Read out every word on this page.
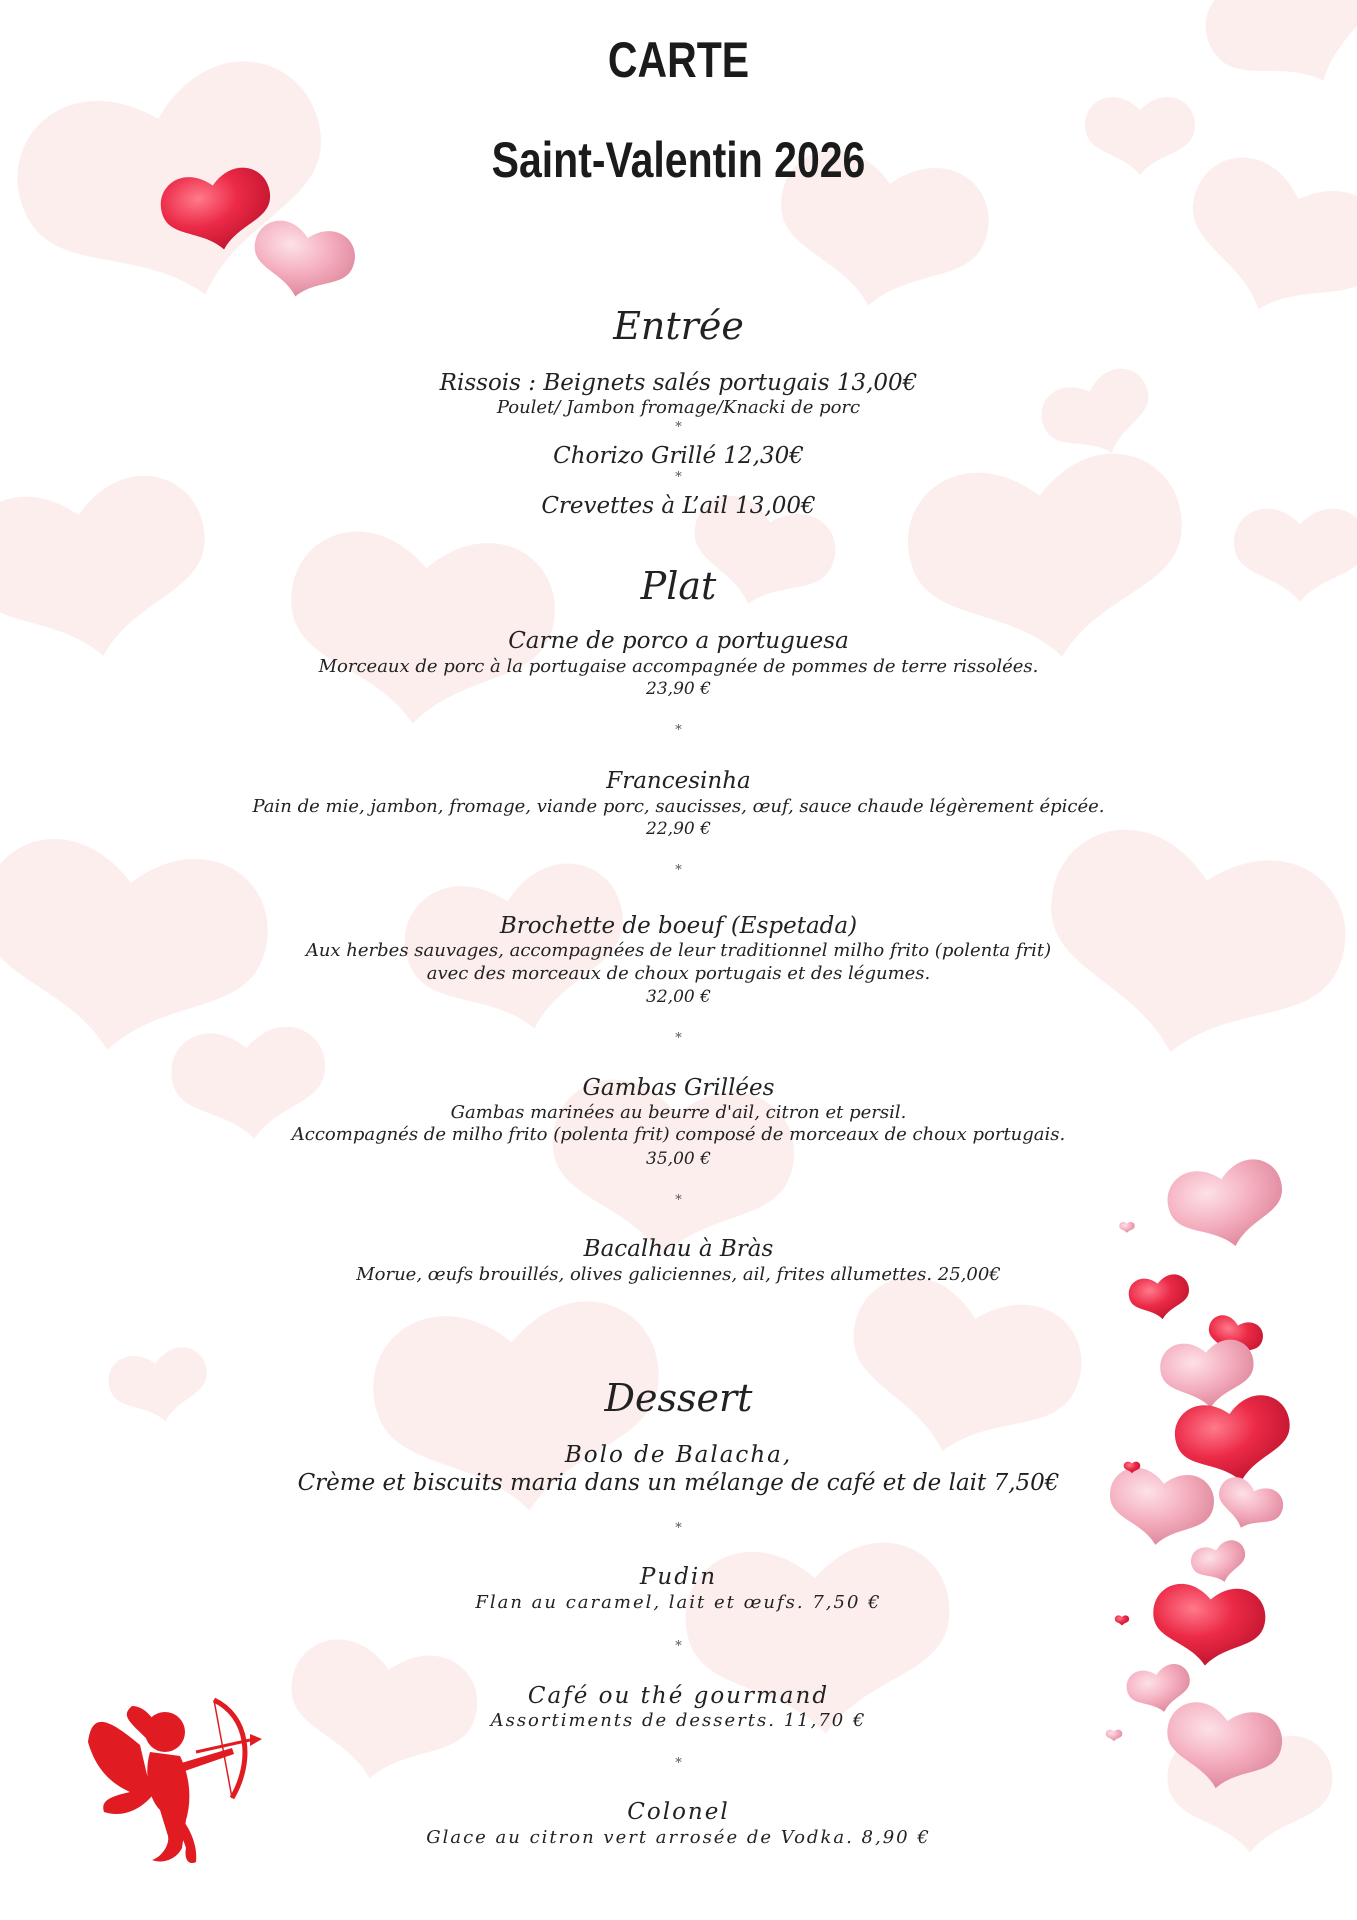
CARTE
Saint-Valentin 2026
Entrée
Rissois : Beignets salés portugais 13,00€
Poulet/ Jambon fromage/Knacki de porc
*
Chorizo Grillé 12,30€
*
Crevettes à L’ail 13,00€
Plat
Carne de porco a portuguesa
Morceaux de porc à la portugaise accompagnée de pommes de terre rissolées.
23,90 €
*
Francesinha
Pain de mie, jambon, fromage, viande porc, saucisses, œuf, sauce chaude légèrement épicée.
22,90 €
*
Brochette de boeuf (Espetada)
Aux herbes sauvages, accompagnées de leur traditionnel milho frito (polenta frit)
avec des morceaux de choux portugais et des légumes.
32,00 €
*
Gambas Grillées
Gambas marinées au beurre d'ail, citron et persil.
Accompagnés de milho frito (polenta frit) composé de morceaux de choux portugais.
35,00 €
*
Bacalhau à Bràs
Morue, œufs brouillés, olives galiciennes, ail, frites allumettes. 25,00€
Dessert
Bolo de Balacha,
Crème et biscuits maria dans un mélange de café et de lait 7,50€
*
Pudin
Flan au caramel, lait et œufs. 7,50 €
*
Café ou thé gourmand
Assortiments de desserts. 11,70 €
*
Colonel
Glace au citron vert arrosée de Vodka. 8,90 €
